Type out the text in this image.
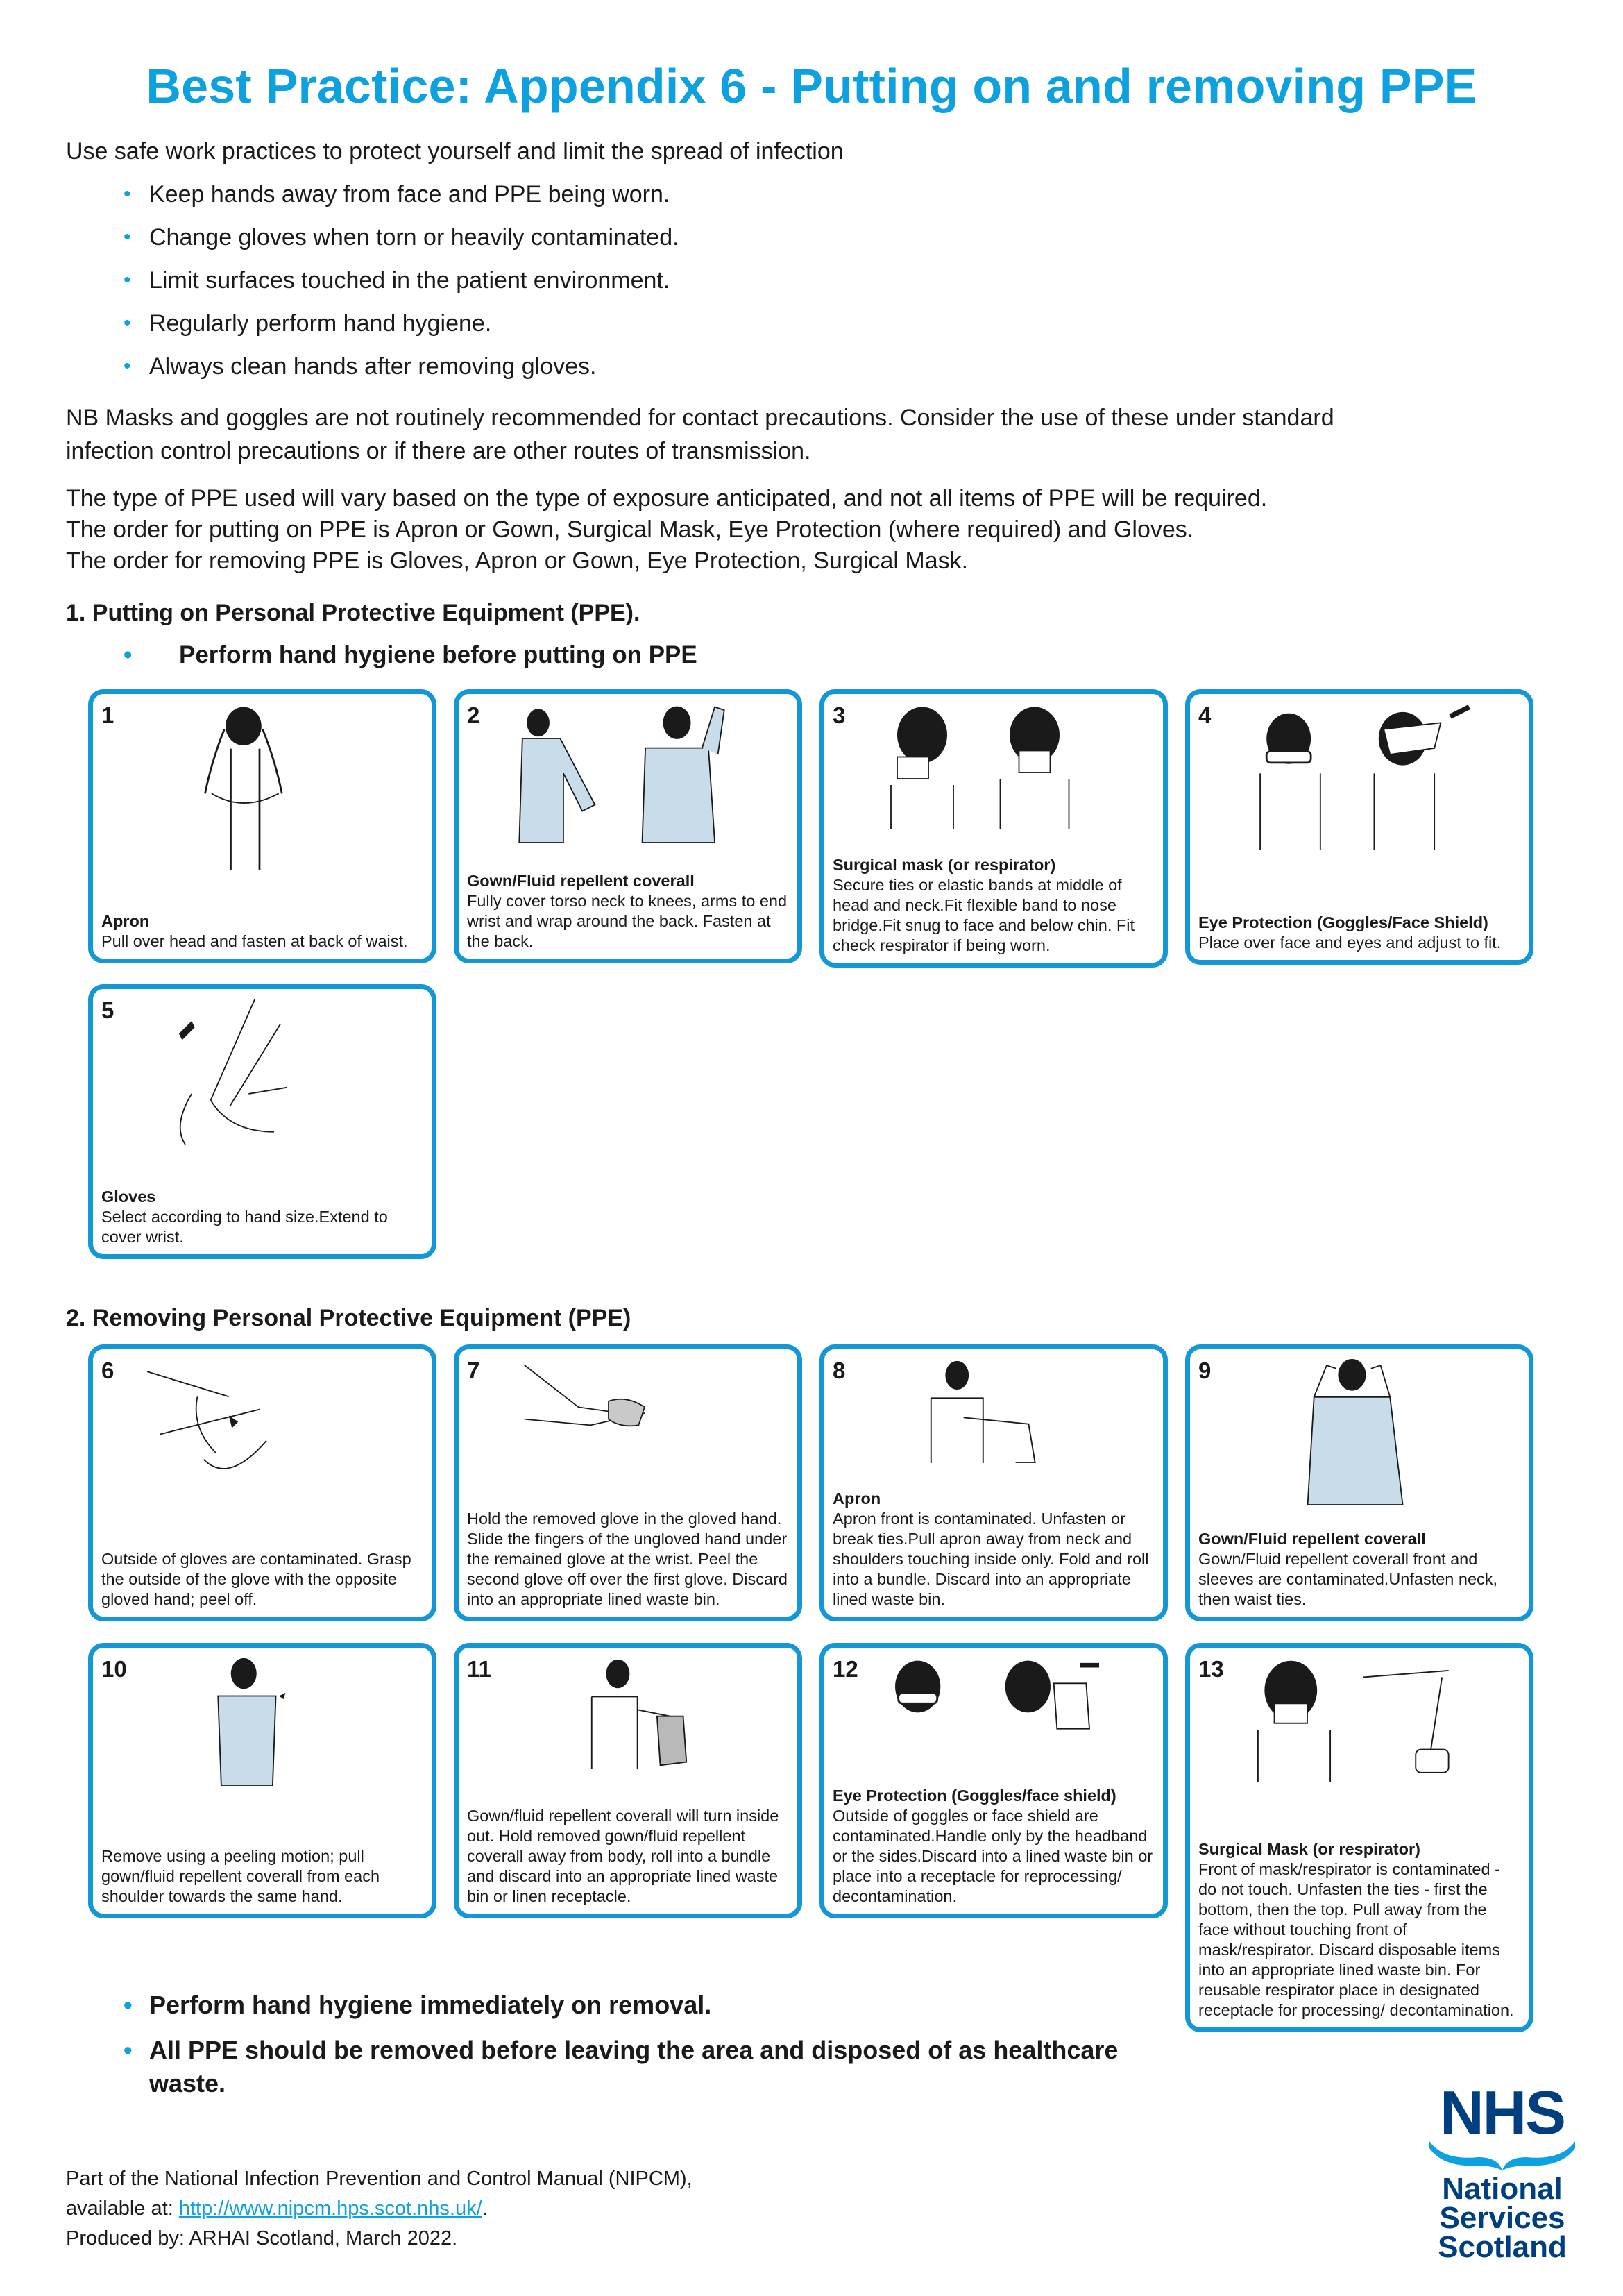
Best Practice: Appendix 6 - Putting on and removing PPE
Use safe work practices to protect yourself and limit the spread of infection
• Keep hands away from face and PPE being worn.
• Change gloves when torn or heavily contaminated.
• Limit surfaces touched in the patient environment.
• Regularly perform hand hygiene.
• Always clean hands after removing gloves.
NB Masks and goggles are not routinely recommended for contact precautions. Consider the use of these under standard
infection control precautions or if there are other routes of transmission.
The type of PPE used will vary based on the type of exposure anticipated, and not all items of PPE will be required.
The order for putting on PPE is Apron or Gown, Surgical Mask, Eye Protection (where required) and Gloves.
The order for removing PPE is Gloves, Apron or Gown, Eye Protection, Surgical Mask.
1. Putting on Personal Protective Equipment (PPE).
• Perform hand hygiene before putting on PPE
1
Apron
Pull over head and fasten at back of waist.
2
Gown/Fluid repellent coverall
Fully cover torso neck to knees, arms to end wrist and wrap around the back. Fasten at the back.
3
Surgical mask (or respirator)
Secure ties or elastic bands at middle of head and neck.Fit flexible band to nose bridge.Fit snug to face and below chin. Fit check respirator if being worn.
4
Eye Protection (Goggles/Face Shield)
Place over face and eyes and adjust to fit.
5
Gloves
Select according to hand size.Extend to cover wrist.
2. Removing Personal Protective Equipment (PPE)
6
Outside of gloves are contaminated. Grasp the outside of the glove with the opposite gloved hand; peel off.
7
Hold the removed glove in the gloved hand. Slide the fingers of the ungloved hand under the remained glove at the wrist. Peel the second glove off over the first glove. Discard into an appropriate lined waste bin.
8
Apron
Apron front is contaminated. Unfasten or break ties.Pull apron away from neck and shoulders touching inside only. Fold and roll into a bundle. Discard into an appropriate lined waste bin.
9
Gown/Fluid repellent coverall
Gown/Fluid repellent coverall front and sleeves are contaminated.Unfasten neck, then waist ties.
10
Remove using a peeling motion; pull gown/fluid repellent coverall from each shoulder towards the same hand.
11
Gown/fluid repellent coverall will turn inside out. Hold removed gown/fluid repellent coverall away from body, roll into a bundle and discard into an appropriate lined waste bin or linen receptacle.
12
Eye Protection (Goggles/face shield)
Outside of goggles or face shield are contaminated.Handle only by the headband or the sides.Discard into a lined waste bin or place into a receptacle for reprocessing/ decontamination.
13
Surgical Mask (or respirator)
Front of mask/respirator is contaminated - do not touch. Unfasten the ties - first the bottom, then the top. Pull away from the face without touching front of mask/respirator. Discard disposable items into an appropriate lined waste bin. For reusable respirator place in designated receptacle for processing/ decontamination.
• Perform hand hygiene immediately on removal.
• All PPE should be removed before leaving the area and disposed of as healthcare waste.
Part of the National Infection Prevention and Control Manual (NIPCM),
available at: http://www.nipcm.hps.scot.nhs.uk/.
Produced by: ARHAI Scotland, March 2022.
NHS
National
Services
Scotland
